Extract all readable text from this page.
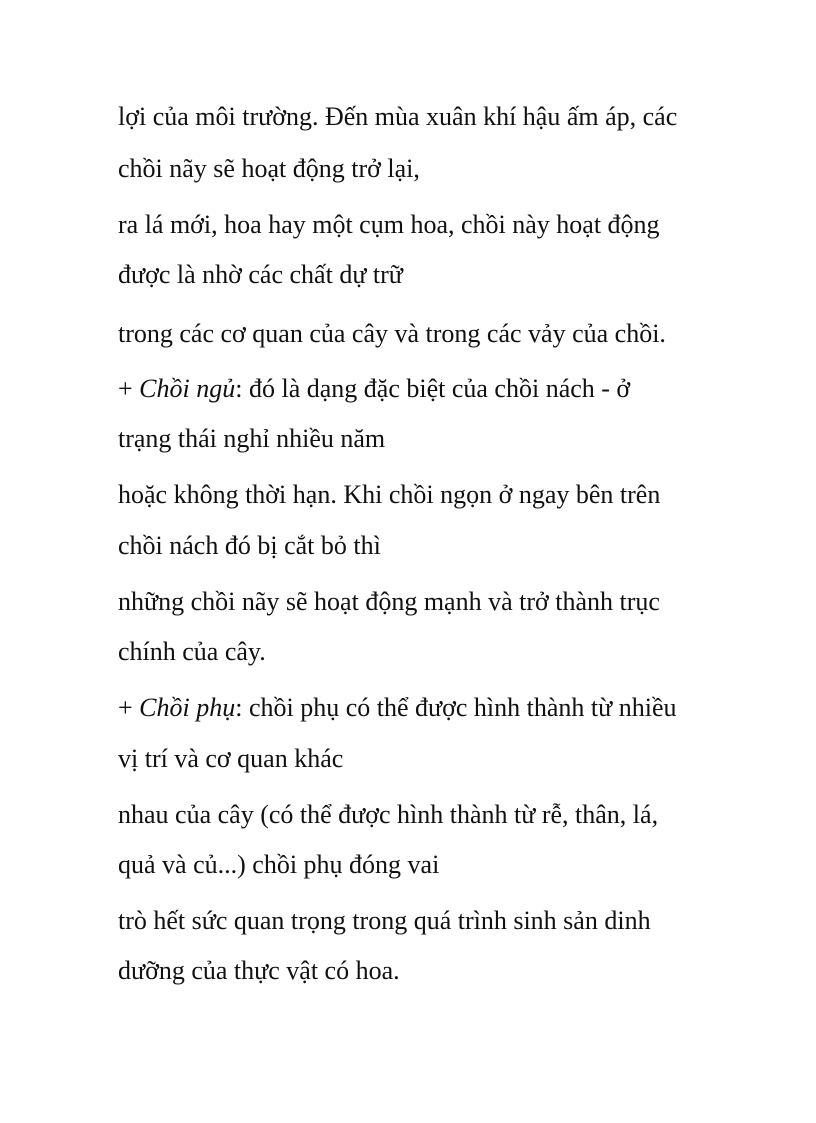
lợi của môi trường. Đến mùa xuân khí hậu ấm áp, các
chồi nãy sẽ hoạt động trở lại,
ra lá mới, hoa hay một cụm hoa, chồi này hoạt động
được là nhờ các chất dự trữ
trong các cơ quan của cây và trong các vảy của chồi.
+ Chồi ngủ: đó là dạng đặc biệt của chồi nách - ở
trạng thái nghỉ nhiều năm
hoặc không thời hạn. Khi chồi ngọn ở ngay bên trên
chồi nách đó bị cắt bỏ thì
những chồi nãy sẽ hoạt động mạnh và trở thành trục
chính của cây.
+ Chồi phụ: chồi phụ có thể được hình thành từ nhiều
vị trí và cơ quan khác
nhau của cây (có thể được hình thành từ rễ, thân, lá,
quả và củ...) chồi phụ đóng vai
trò hết sức quan trọng trong quá trình sinh sản dinh
dưỡng của thực vật có hoa.
